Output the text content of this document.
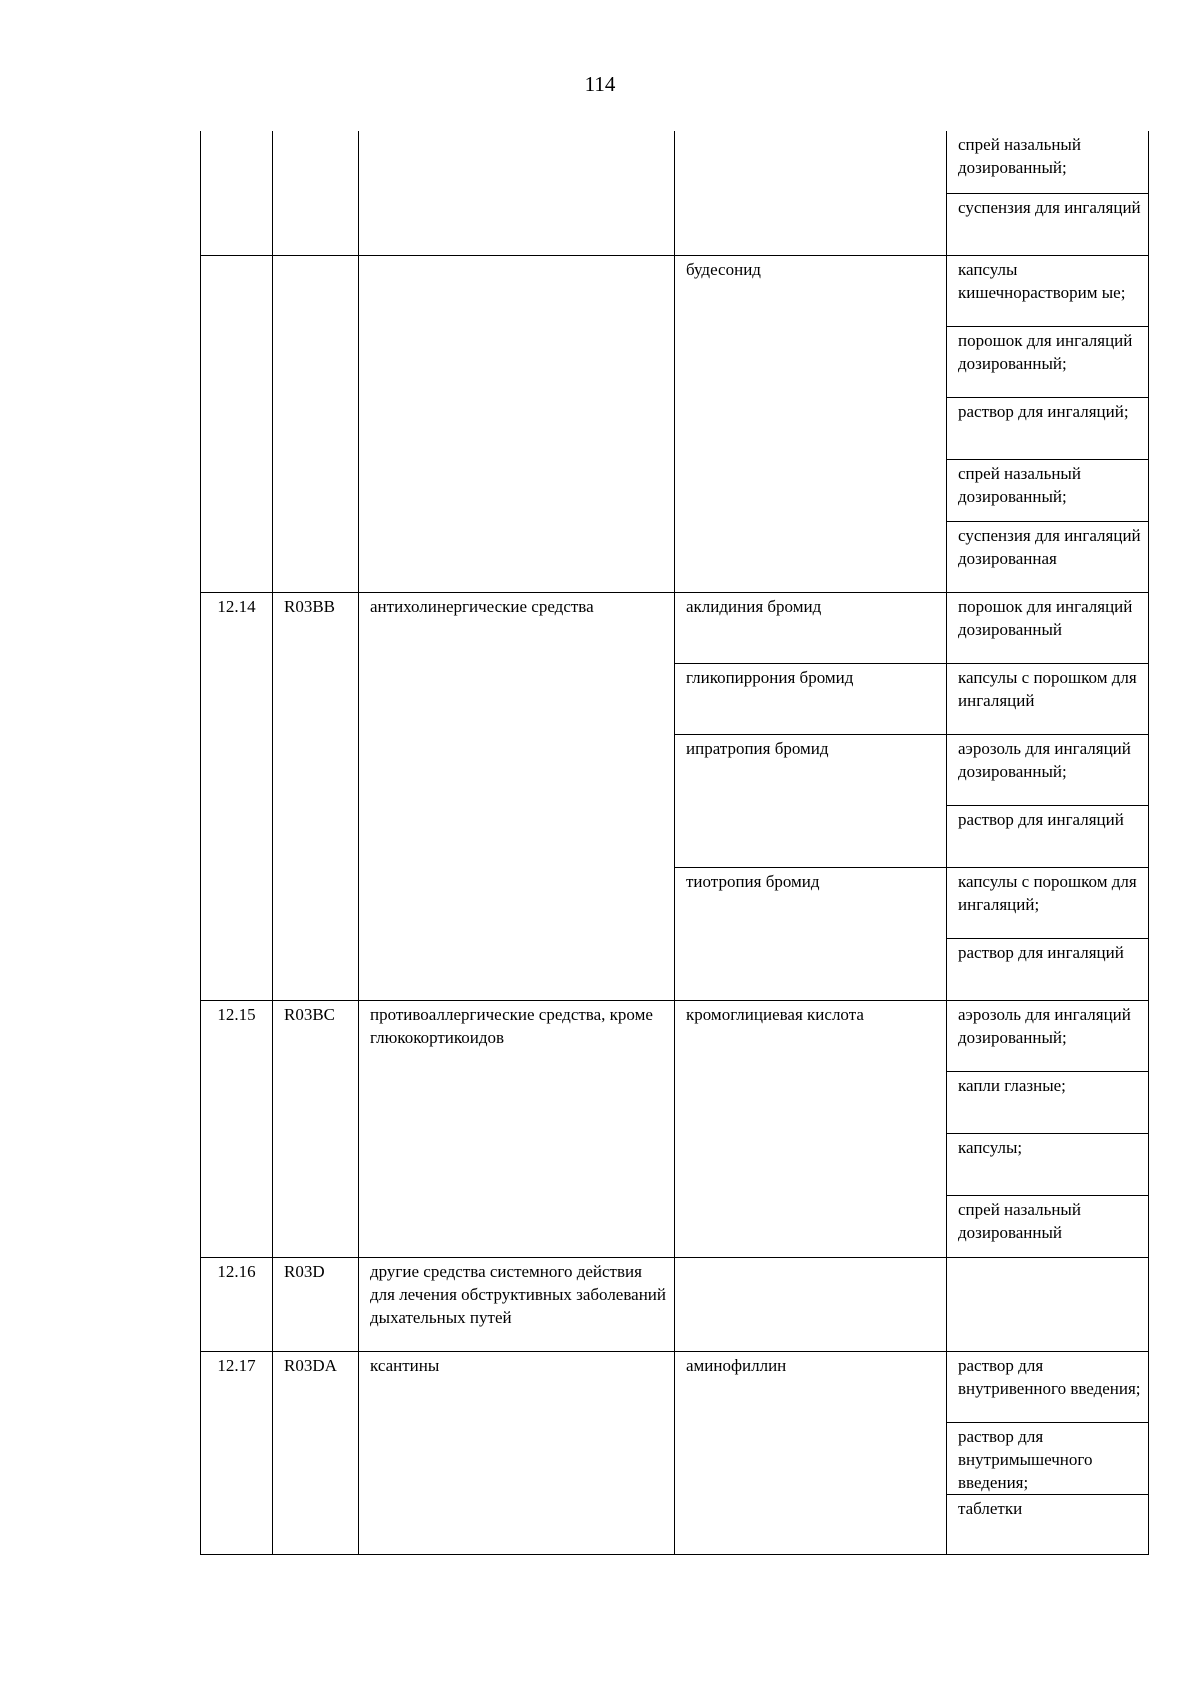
114
				спрей назальный дозированный;
				суспензия для ингаляций
			будесонид	капсулы кишечнорастворим ые;
				порошок для ингаляций дозированный;
				раствор для ингаляций;
				спрей назальный дозированный;
				суспензия для ингаляций дозированная
12.14	R03BB	антихолинергические средства	аклидиния бромид	порошок для ингаляций дозированный
			гликопиррония бромид	капсулы с порошком для ингаляций
			ипратропия бромид	аэрозоль для ингаляций дозированный;
				раствор для ингаляций
			тиотропия бромид	капсулы с порошком для ингаляций;
				раствор для ингаляций
12.15	R03BC	противоаллергические средства, кроме глюкокортикоидов	кромоглициевая кислота	аэрозоль для ингаляций дозированный;
				капли глазные;
				капсулы;
				спрей назальный дозированный
12.16	R03D	другие средства системного действия для лечения обструктивных заболеваний дыхательных путей		
12.17	R03DA	ксантины	аминофиллин	раствор для внутривенного введения;
				раствор для внутримышечного введения;
				таблетки
